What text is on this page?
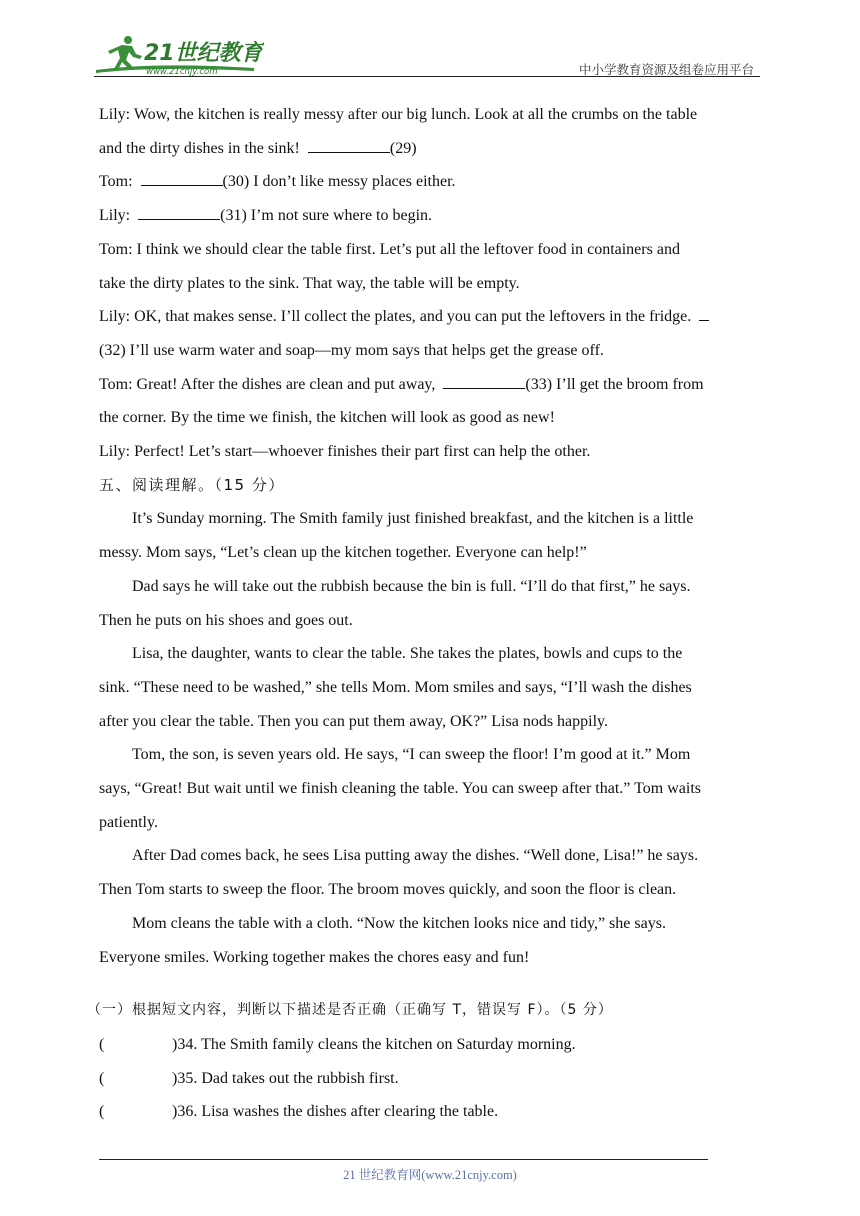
21世纪教育
www.21cnjy.com	中小学教育资源及组卷应用平台

Lily: Wow, the kitchen is really messy after our big lunch. Look at all the crumbs on the table

and the dirty dishes in the sink!	(29)

Tom:	(30) I don’t like messy places either.

Lily:	(31) I’m not sure where to begin.

Tom: I think we should clear the table first. Let’s put all the leftover food in containers and

take the dirty plates to the sink. That way, the table will be empty.

Lily: OK, that makes sense. I’ll collect the plates, and you can put the leftovers in the fridge.

(32) I’ll use warm water and soap—my mom says that helps get the grease off.

Tom: Great! After the dishes are clean and put away,	(33) I’ll get the broom from

the corner. By the time we finish, the kitchen will look as good as new!

Lily: Perfect! Let’s start—whoever finishes their part first can help the other.

五、阅读理解。（15 分）

It’s Sunday morning. The Smith family just finished breakfast, and the kitchen is a little

messy. Mom says, “Let’s clean up the kitchen together. Everyone can help!”

Dad says he will take out the rubbish because the bin is full. “I’ll do that first,” he says.

Then he puts on his shoes and goes out.

Lisa, the daughter, wants to clear the table. She takes the plates, bowls and cups to the

sink. “These need to be washed,” she tells Mom. Mom smiles and says, “I’ll wash the dishes

after you clear the table. Then you can put them away, OK?” Lisa nods happily.

Tom, the son, is seven years old. He says, “I can sweep the floor! I’m good at it.” Mom

says, “Great! But wait until we finish cleaning the table. You can sweep after that.” Tom waits

patiently.

After Dad comes back, he sees Lisa putting away the dishes. “Well done, Lisa!” he says.

Then Tom starts to sweep the floor. The broom moves quickly, and soon the floor is clean.

Mom cleans the table with a cloth. “Now the kitchen looks nice and tidy,” she says.

Everyone smiles. Working together makes the chores easy and fun!

（一）根据短文内容，判断以下描述是否正确（正确写 T，错误写 F）。（5 分）

(	)34. The Smith family cleans the kitchen on Saturday morning.
(	)35. Dad takes out the rubbish first.
(	)36. Lisa washes the dishes after clearing the table.
21 世纪教育网(www.21cnjy.com)
